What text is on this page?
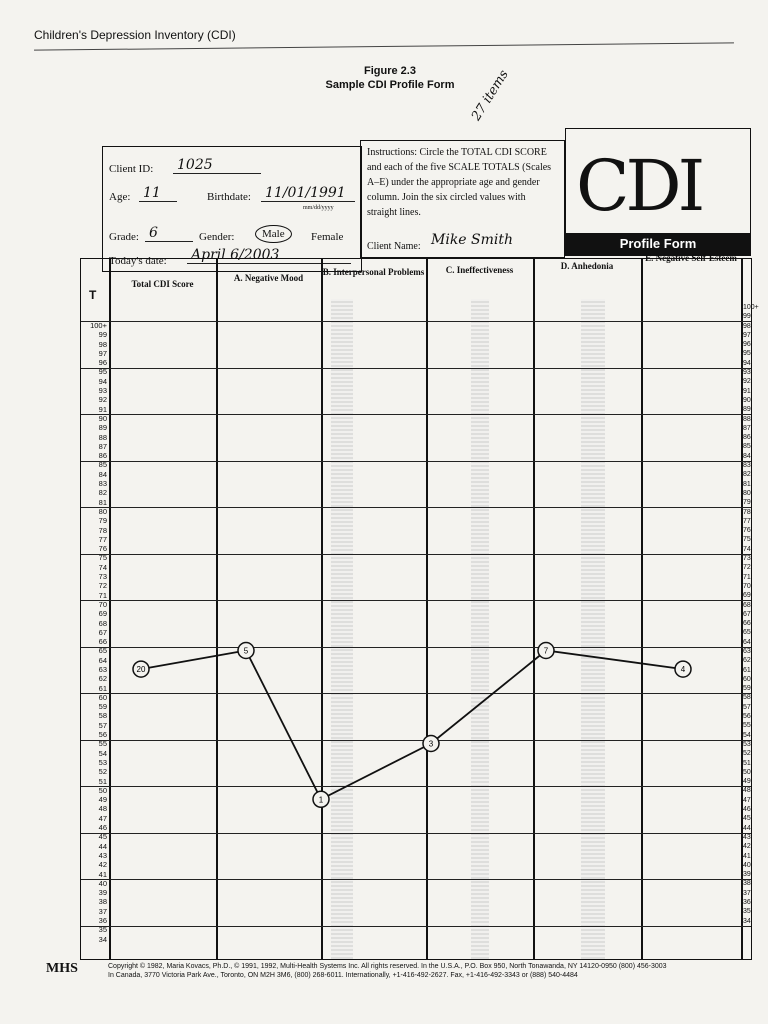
Children's Depression Inventory (CDI)
Figure 2.3
Sample CDI Profile Form	27 items
Client ID: 1025
Age: 11	Birthdate: 11/01/1991
mm/dd/yyyy
Grade: 6	Gender:	Male	Female
Today's date: April 6/2003
Instructions: Circle the TOTAL CDI SCORE and each of the five SCALE TOTALS (Scales A–E) under the appropriate age and gender column. Join the six circled values with straight lines.
Client Name: Mike Smith
CDI
Profile Form
Total CDI Score
A. Negative Mood
B. Interpersonal Problems	C. Ineffectiveness	D. Anhedonia
E. Negative Self-Esteem
T
100+
99
98
97
96
95
94
93
92
91
90
89
88
87
86
85
84
83
82
81
80
79
78
77
76
75
74
73
72
71
70
69
68
67
66
65
64
63
62
61
60
59
58
57
56
55
54
53
52
51
50
49
48
47
46
45
44
43
42
41
40
39
38
37
36
35
34
100+
99
98
97
96
95
94
93
92
91
90
89
88
87
86
85
84
83
82
81
80
79
78
77
76
75
74
73
72
71
70
69
68
67
66
65
64
63
62
61
60
59
58
57
56
55
54
53
52
51
50
49
48
47
46
45
44
43
42
41
40
39
38
37
36
35
34
20
5
1
3
7
4
MHS	Copyright © 1982, Maria Kovacs, Ph.D., © 1991, 1992, Multi-Health Systems Inc. All rights reserved. In the U.S.A., P.O. Box 950, North Tonawanda, NY 14120-0950 (800) 456-3003
In Canada, 3770 Victoria Park Ave., Toronto, ON M2H 3M6, (800) 268-6011. Internationally, +1-416-492-2627. Fax, +1-416-492-3343 or (888) 540-4484
